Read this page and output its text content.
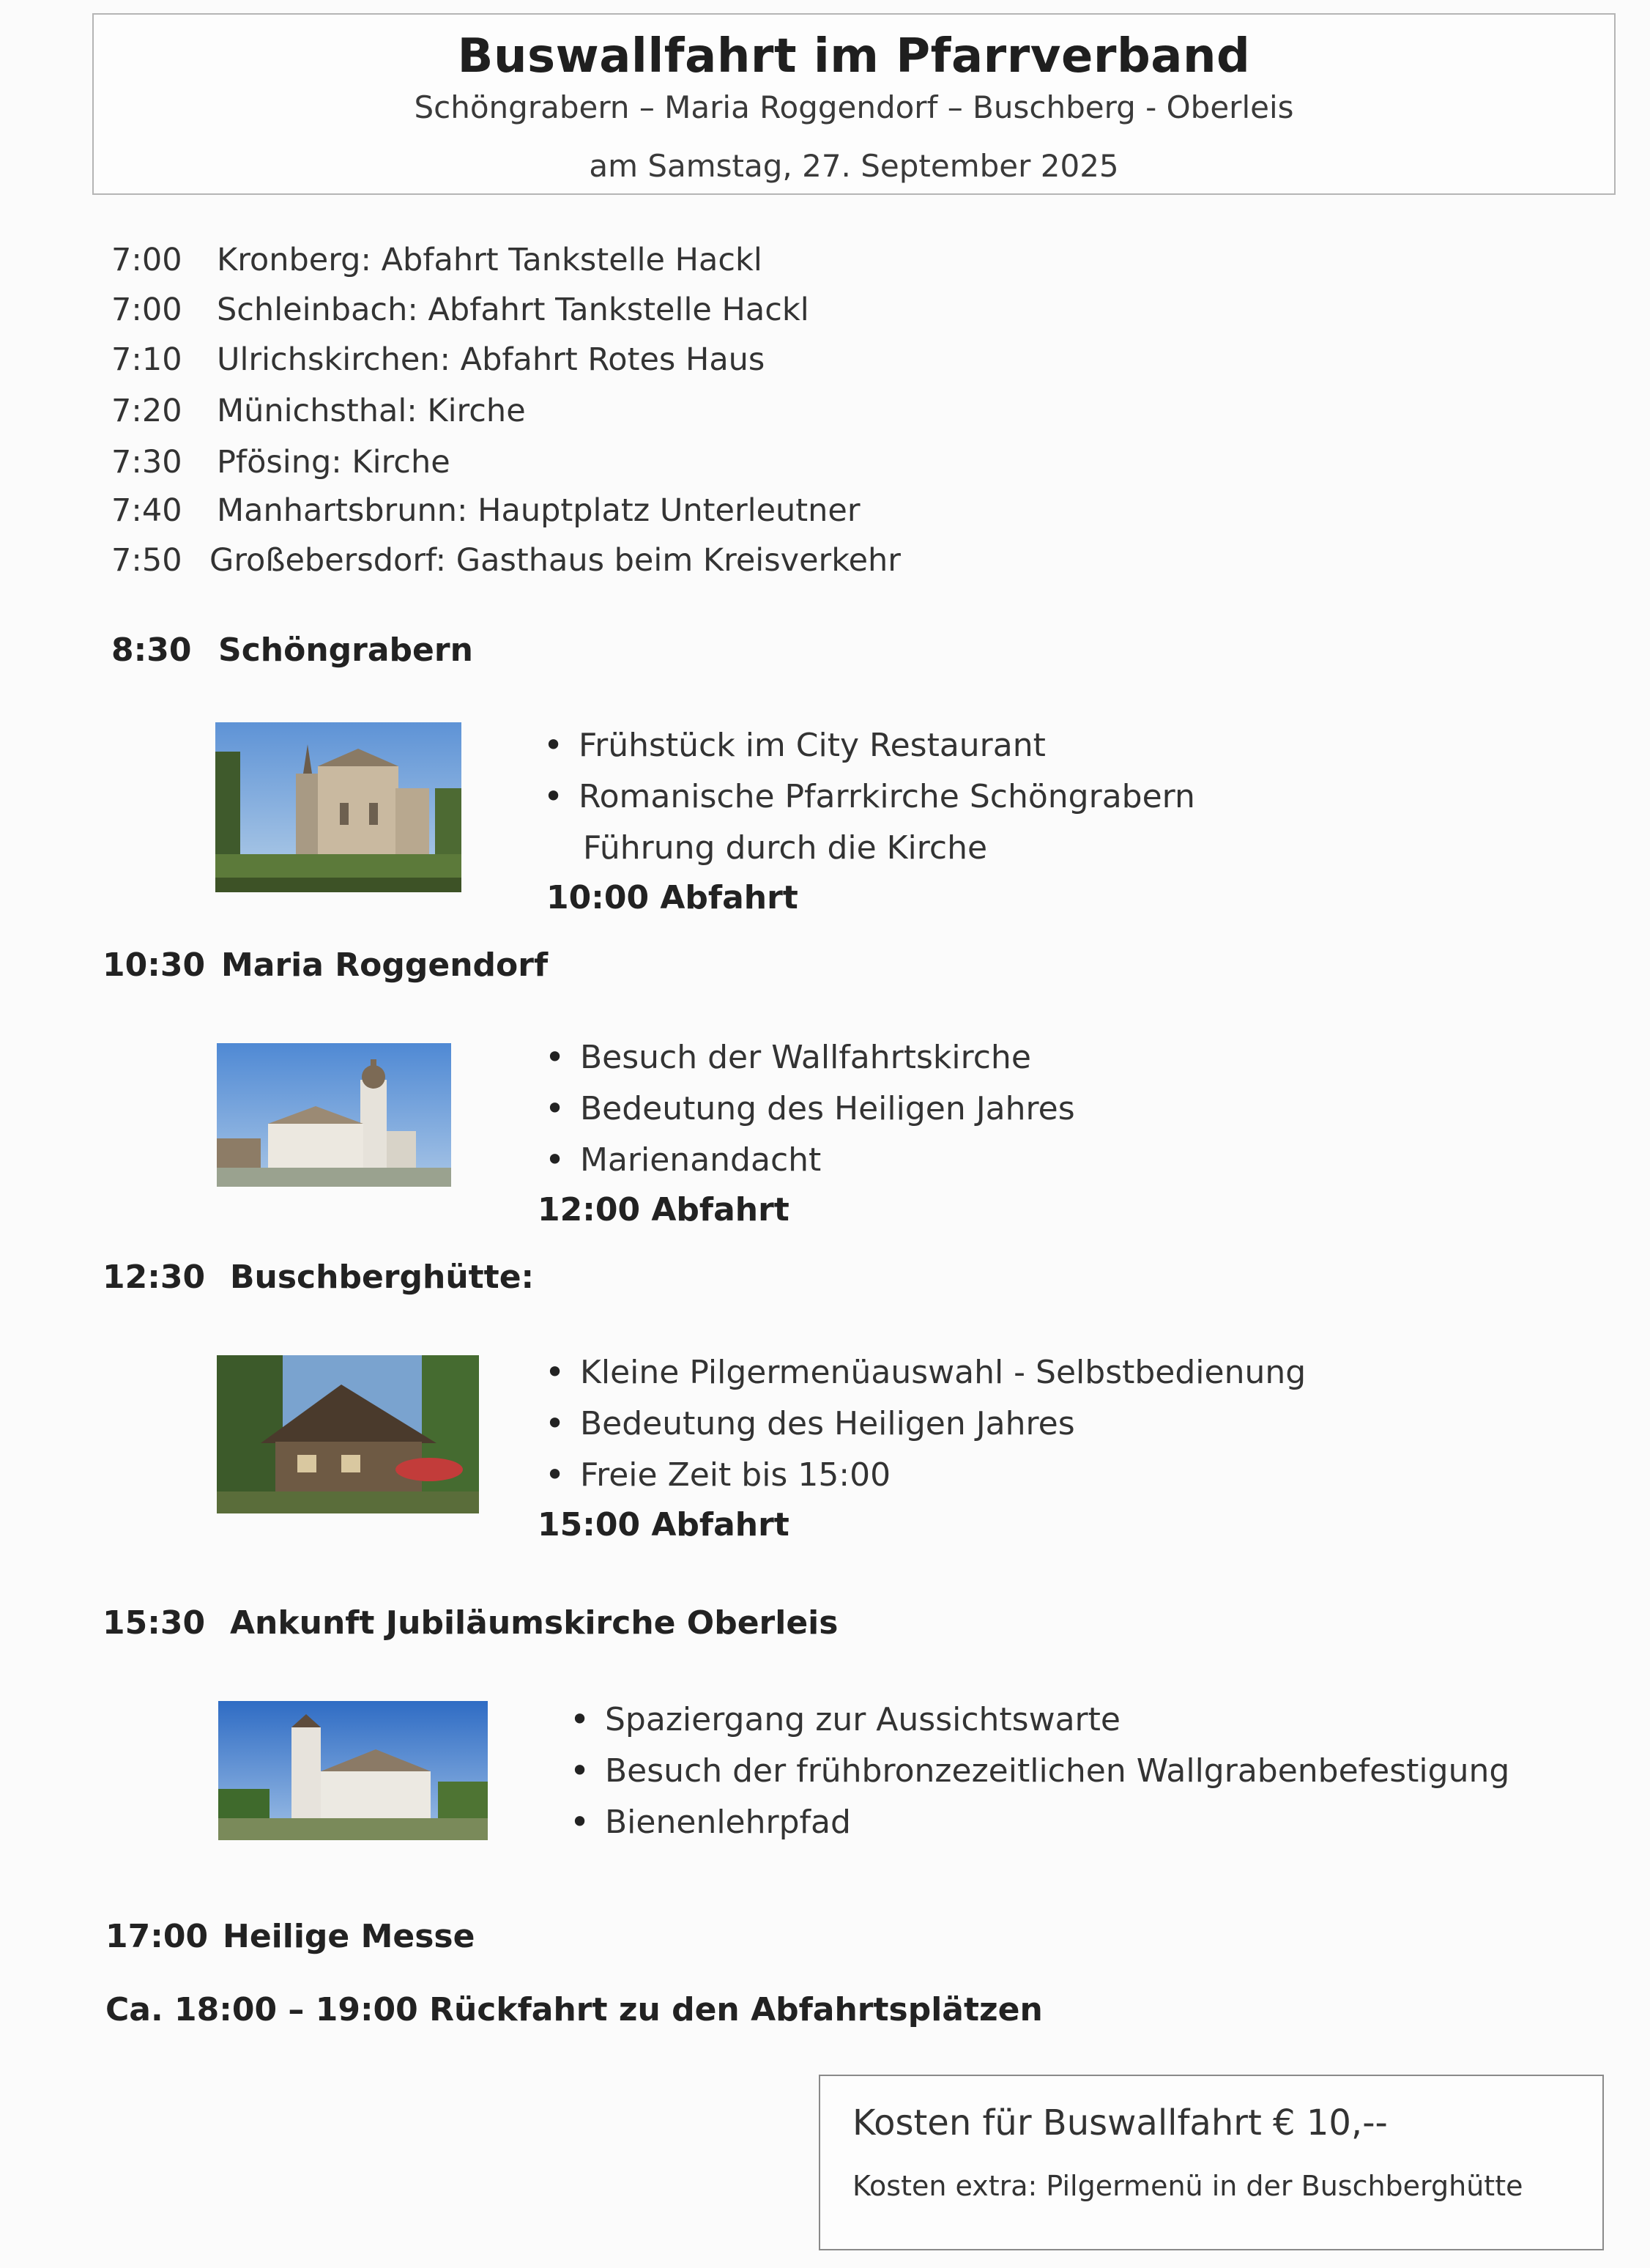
Buswallfahrt im Pfarrverband
Schöngrabern – Maria Roggendorf – Buschberg - Oberleis
am Samstag, 27. September 2025
7:00 Kronberg: Abfahrt Tankstelle Hackl
7:00 Schleinbach: Abfahrt Tankstelle Hackl
7:10 Ulrichskirchen: Abfahrt Rotes Haus
7:20 Münichsthal: Kirche
7:30 Pfösing: Kirche
7:40 Manhartsbrunn: Hauptplatz Unterleutner
7:50 Großebersdorf: Gasthaus beim Kreisverkehr
8:30 Schöngrabern
• Frühstück im City Restaurant
• Romanische Pfarrkirche Schöngrabern
Führung durch die Kirche
10:00 Abfahrt
10:30 Maria Roggendorf
• Besuch der Wallfahrtskirche
• Bedeutung des Heiligen Jahres
• Marienandacht
12:00 Abfahrt
12:30 Buschberghütte:
• Kleine Pilgermenüauswahl - Selbstbedienung
• Bedeutung des Heiligen Jahres
• Freie Zeit bis 15:00
15:00 Abfahrt
15:30 Ankunft Jubiläumskirche Oberleis
• Spaziergang zur Aussichtswarte
• Besuch der frühbronzezeitlichen Wallgrabenbefestigung
• Bienenlehrpfad
17:00 Heilige Messe
Ca. 18:00 – 19:00 Rückfahrt zu den Abfahrtsplätzen
Kosten für Buswallfahrt € 10,--
Kosten extra: Pilgermenü in der Buschberghütte
